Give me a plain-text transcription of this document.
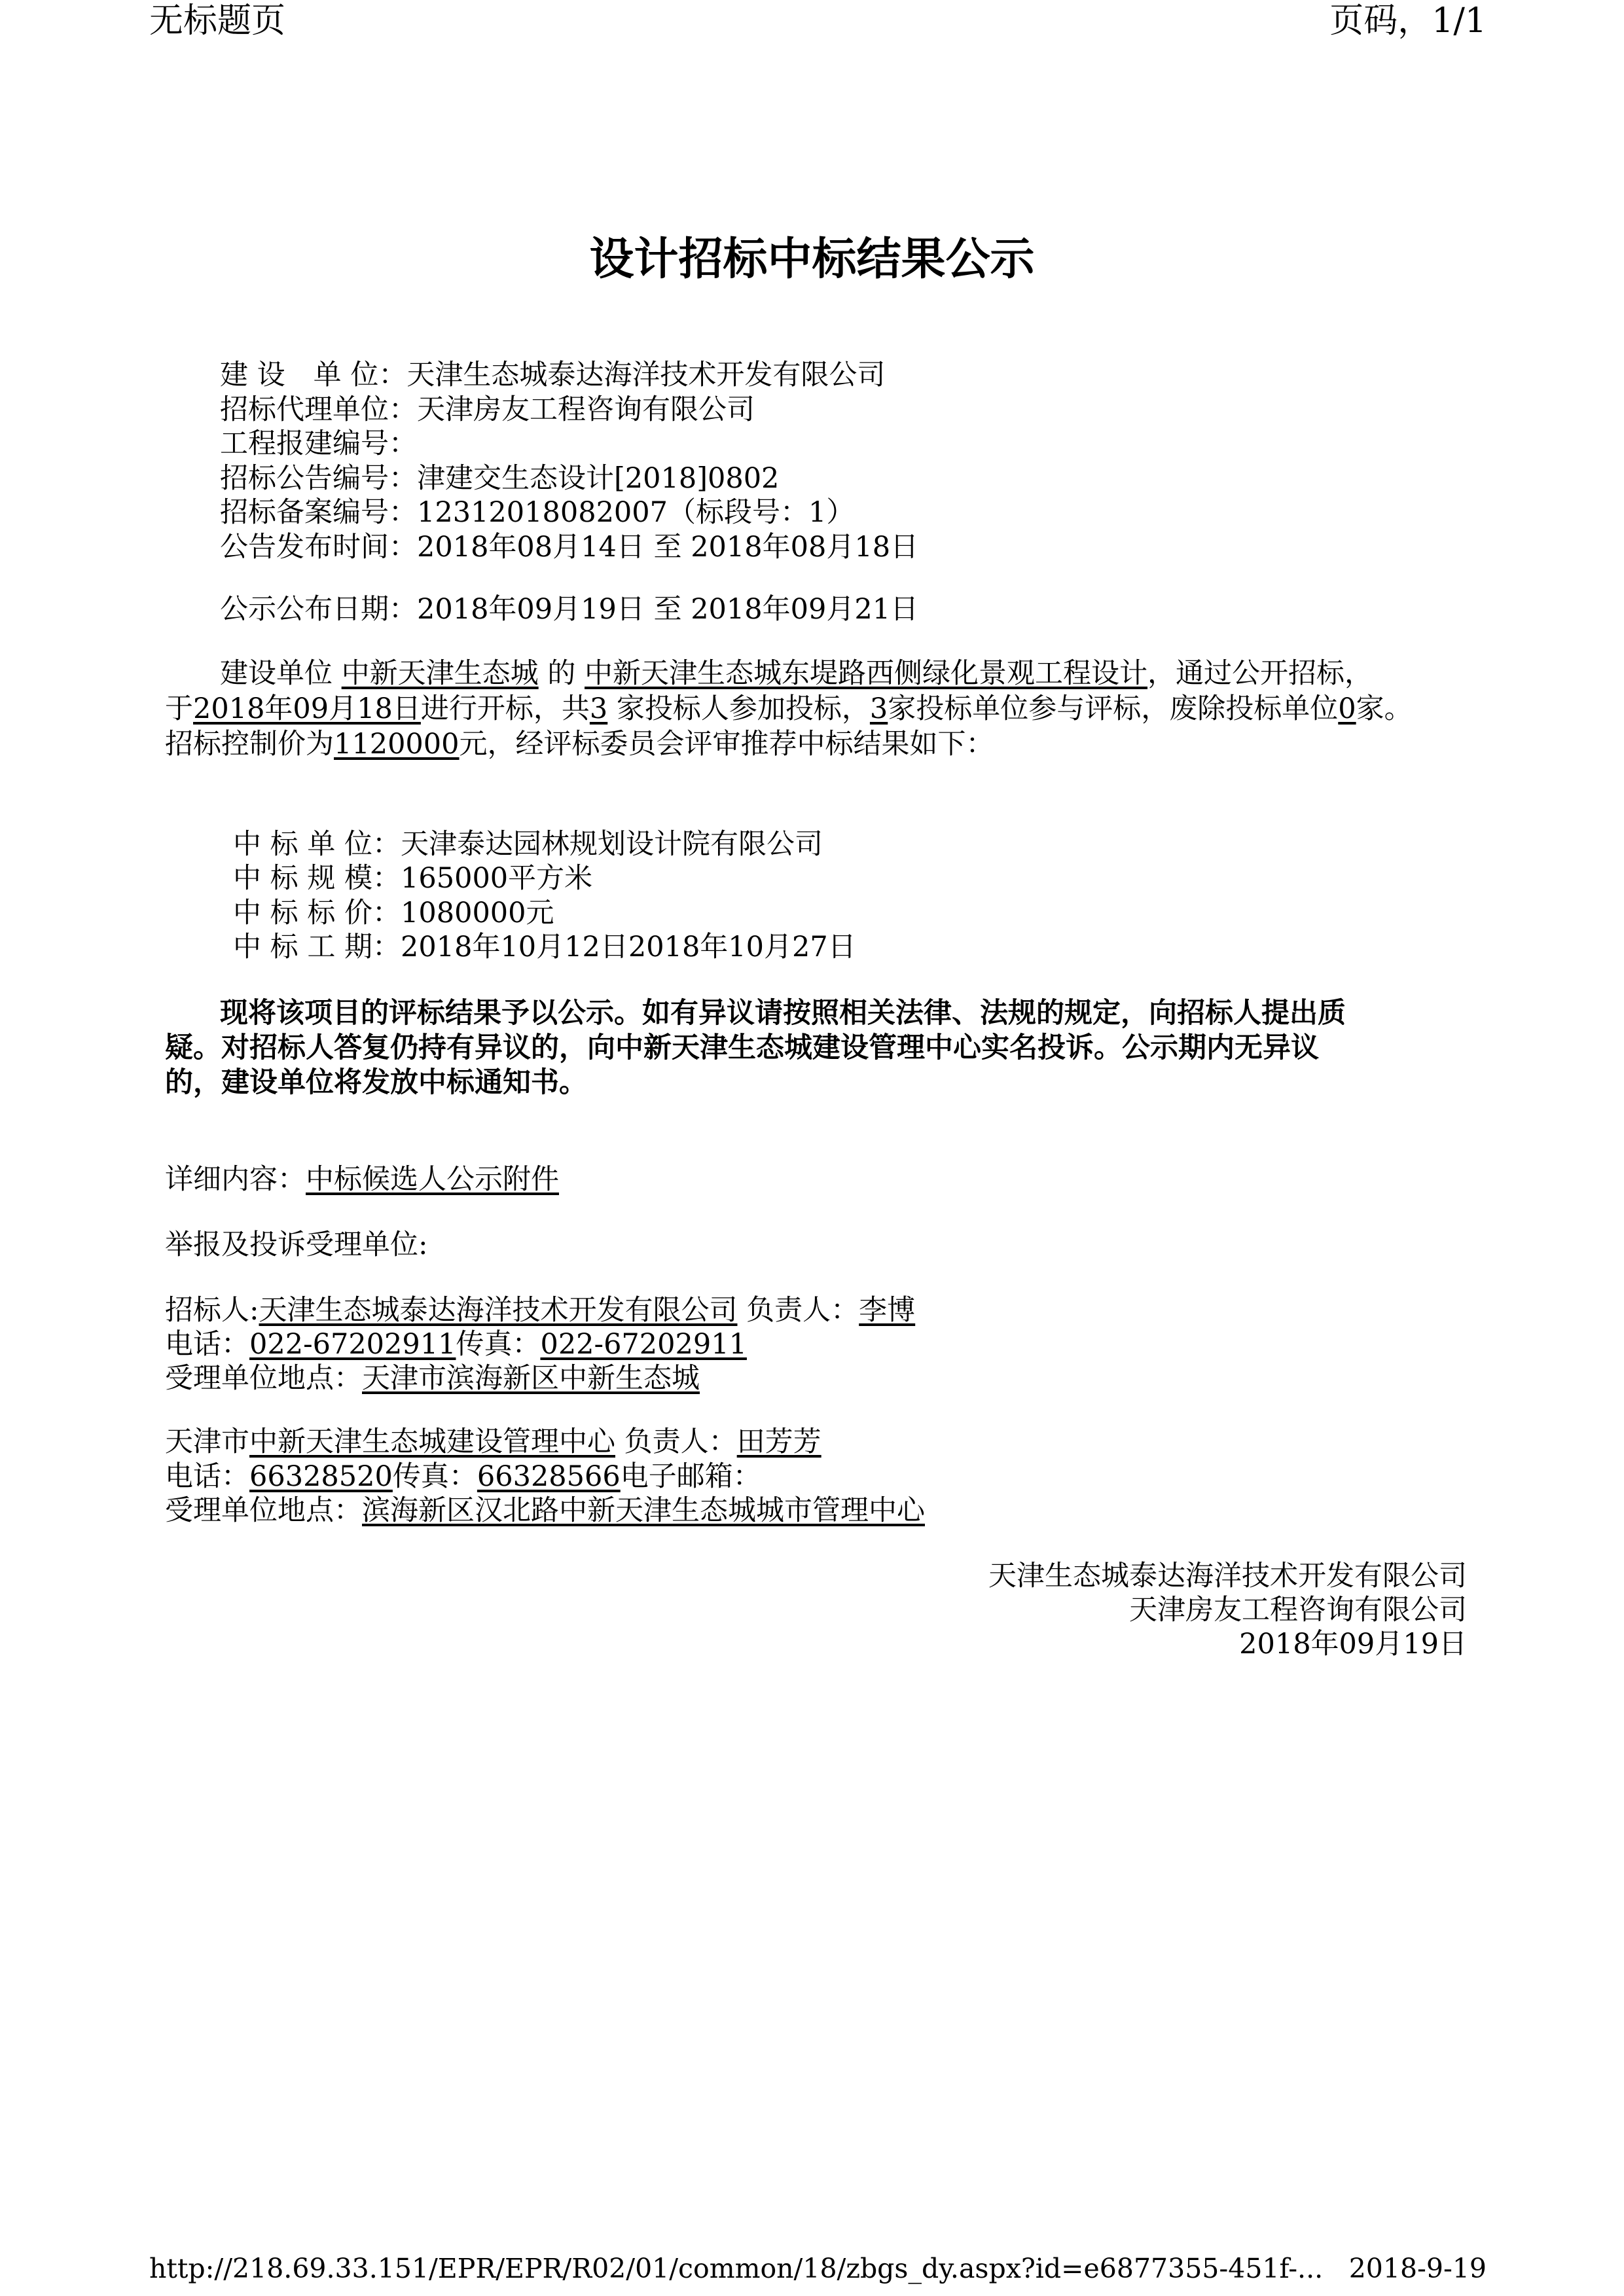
无标题页	页码，1/1
设计招标中标结果公示
建 设　单 位：天津生态城泰达海洋技术开发有限公司
招标代理单位：天津房友工程咨询有限公司
工程报建编号：
招标公告编号：津建交生态设计[2018]0802
招标备案编号：12312018082007（标段号：1）
公告发布时间：2018年08月14日 至 2018年08月18日
公示公布日期：2018年09月19日 至 2018年09月21日
建设单位 中新天津生态城 的 中新天津生态城东堤路西侧绿化景观工程设计，通过公开招标，
于2018年09月18日进行开标，共3 家投标人参加投标，3家投标单位参与评标，废除投标单位0家。
招标控制价为1120000元，经评标委员会评审推荐中标结果如下：
中 标 单 位：天津泰达园林规划设计院有限公司
中 标 规 模：165000平方米
中 标 标 价：1080000元
中 标 工 期：2018年10月12日2018年10月27日
现将该项目的评标结果予以公示。如有异议请按照相关法律、法规的规定，向招标人提出质
疑。对招标人答复仍持有异议的，向中新天津生态城建设管理中心实名投诉。公示期内无异议
的，建设单位将发放中标通知书。
详细内容：中标候选人公示附件
举报及投诉受理单位:
招标人:天津生态城泰达海洋技术开发有限公司 负责人：李博
电话：022-67202911传真：022-67202911
受理单位地点：天津市滨海新区中新生态城
天津市中新天津生态城建设管理中心 负责人：田芳芳
电话：66328520传真：66328566电子邮箱：
受理单位地点：滨海新区汉北路中新天津生态城城市管理中心
天津生态城泰达海洋技术开发有限公司
天津房友工程咨询有限公司
2018年09月19日
http://218.69.33.151/EPR/EPR/R02/01/common/18/zbgs_dy.aspx?id=e6877355-451f-... 2018-9-19
